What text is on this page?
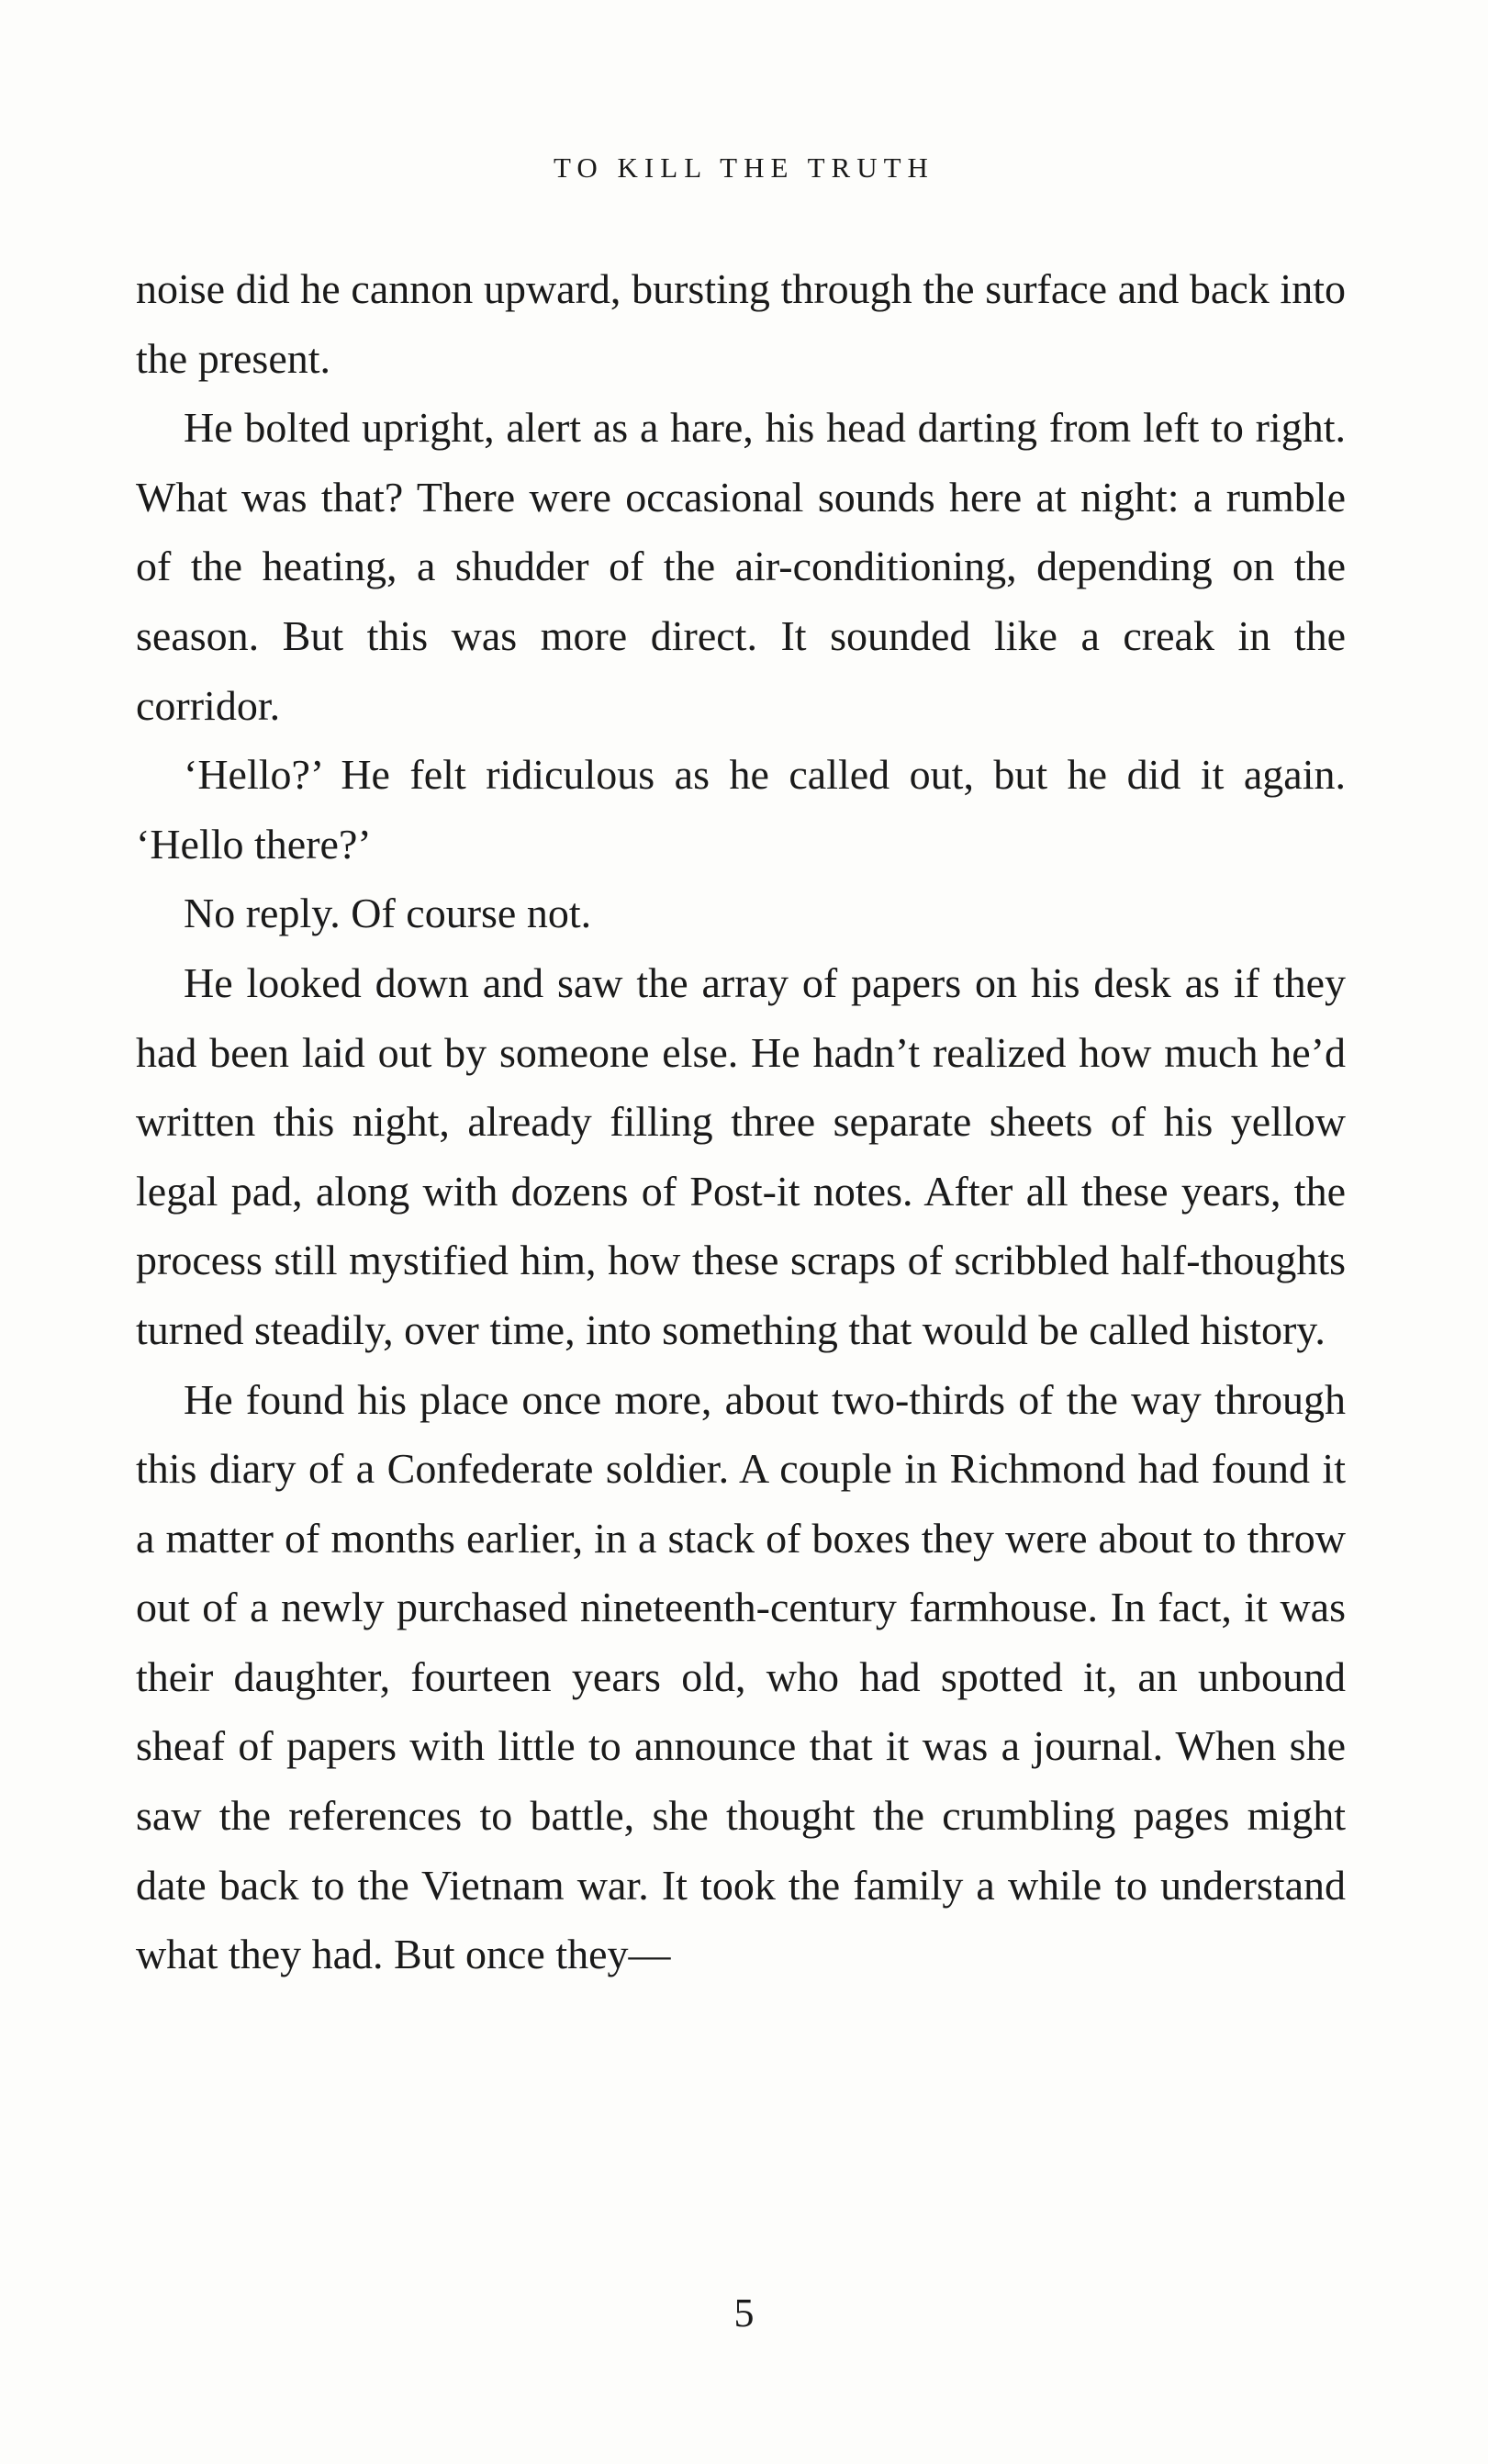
TO KILL THE TRUTH

noise did he cannon upward, bursting through the surface and back into the present.

He bolted upright, alert as a hare, his head darting from left to right. What was that? There were occasional sounds here at night: a rumble of the heating, a shudder of the air-conditioning, depending on the season. But this was more direct. It sounded like a creak in the corridor.

‘Hello?’ He felt ridiculous as he called out, but he did it again. ‘Hello there?’

No reply. Of course not.

He looked down and saw the array of papers on his desk as if they had been laid out by someone else. He hadn’t realized how much he’d written this night, already filling three separate sheets of his yellow legal pad, along with dozens of Post-it notes. After all these years, the process still mystified him, how these scraps of scribbled half-thoughts turned steadily, over time, into something that would be called history.

He found his place once more, about two-thirds of the way through this diary of a Confederate soldier. A couple in Richmond had found it a matter of months earlier, in a stack of boxes they were about to throw out of a newly purchased nineteenth-century farmhouse. In fact, it was their daughter, fourteen years old, who had spotted it, an unbound sheaf of papers with little to announce that it was a journal. When she saw the references to battle, she thought the crumbling pages might date back to the Vietnam war. It took the family a while to understand what they had. But once they—

5
